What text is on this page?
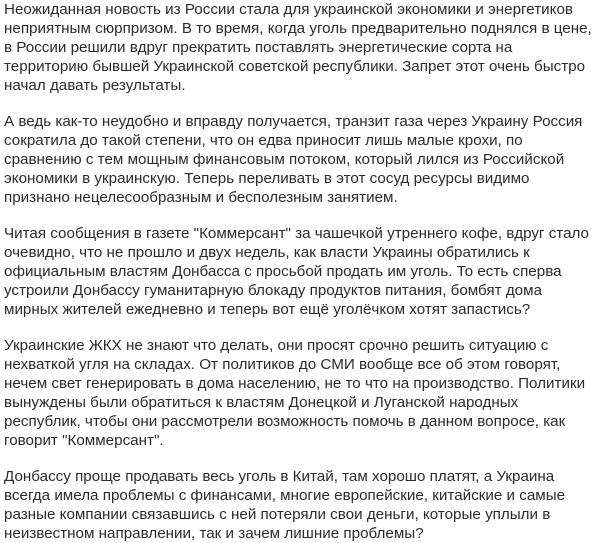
Неожиданная новость из России стала для украинской экономики и энергетиков неприятным сюрпризом. В то время, когда уголь предварительно поднялся в цене, в России решили вдруг прекратить поставлять энергетические сорта на территорию бывшей Украинской советской республики. Запрет этот очень быстро начал давать результаты.

А ведь как-то неудобно и вправду получается, транзит газа через Украину Россия сократила до такой степени, что он едва приносит лишь малые крохи, по сравнению с тем мощным финансовым потоком, который лился из Российской экономики в украинскую. Теперь переливать в этот сосуд ресурсы видимо признано нецелесообразным и бесполезным занятием.

Читая сообщения в газете "Коммерсант" за чашечкой утреннего кофе, вдруг стало очевидно, что не прошло и двух недель, как власти Украины обратились к официальным властям Донбасса с просьбой продать им уголь. То есть сперва устроили Донбассу гуманитарную блокаду продуктов питания, бомбят дома мирных жителей ежедневно и теперь вот ещё уголёчком хотят запастись?

Украинские ЖКХ не знают что делать, они просят срочно решить ситуацию с нехваткой угля на складах. От политиков до СМИ вообще все об этом говорят, нечем свет генерировать в дома населению, не то что на производство. Политики вынуждены были обратиться к властям Донецкой и Луганской народных республик, чтобы они рассмотрели возможность помочь в данном вопросе, как говорит "Коммерсант".

Донбассу проще продавать весь уголь в Китай, там хорошо платят, а Украина всегда имела проблемы с финансами, многие европейские, китайские и самые разные компании связавшись с ней потеряли свои деньги, которые уплыли в неизвестном направлении, так и зачем лишние проблемы?
